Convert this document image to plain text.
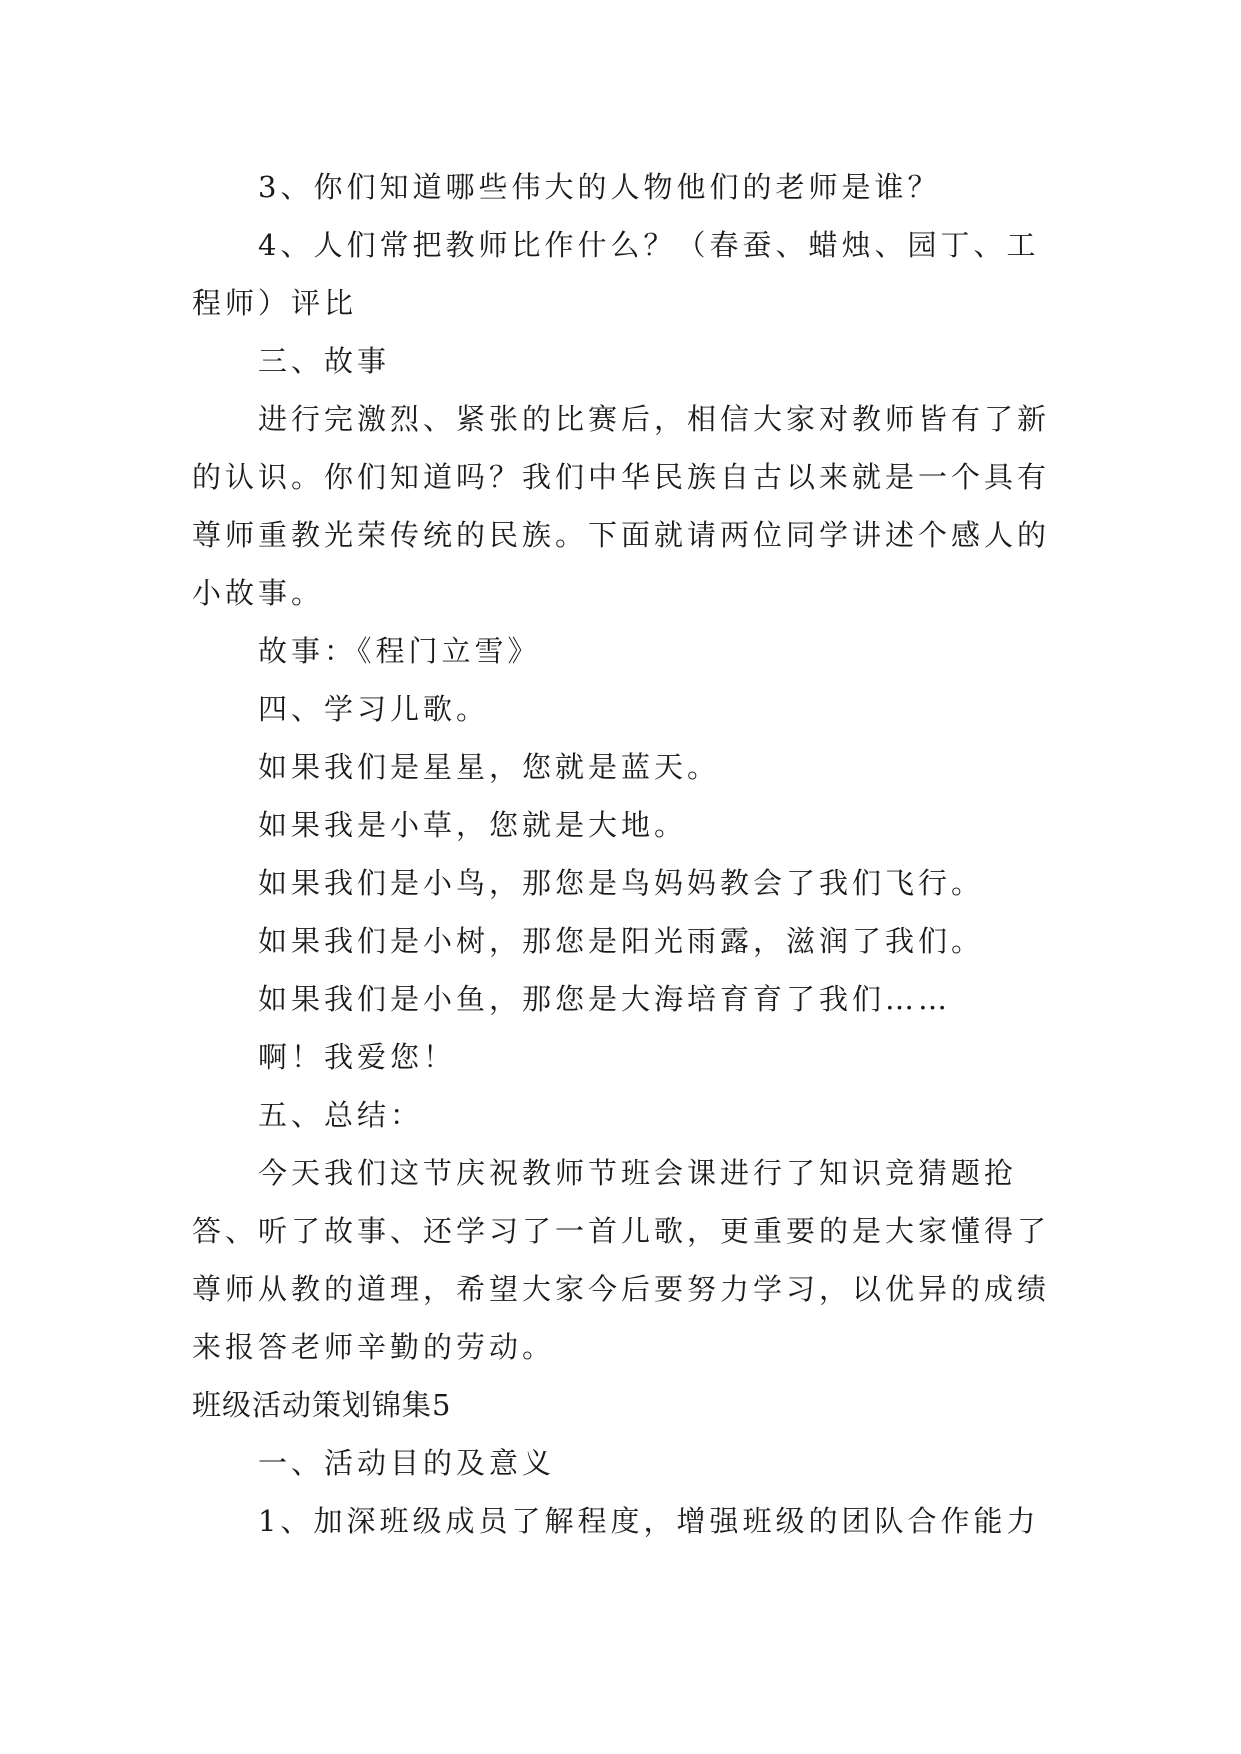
3、你们知道哪些伟大的人物他们的老师是谁？

4、人们常把教师比作什么？（春蚕、蜡烛、园丁、工程师）评比

三、故事

进行完激烈、紧张的比赛后，相信大家对教师皆有了新的认识。你们知道吗？我们中华民族自古以来就是一个具有尊师重教光荣传统的民族。下面就请两位同学讲述个感人的小故事。

故事：《程门立雪》

四、学习儿歌。

如果我们是星星，您就是蓝天。

如果我是小草，您就是大地。

如果我们是小鸟，那您是鸟妈妈教会了我们飞行。

如果我们是小树，那您是阳光雨露，滋润了我们。

如果我们是小鱼，那您是大海培育育了我们……

啊！我爱您！

五、总结：

今天我们这节庆祝教师节班会课进行了知识竞猜题抢答、听了故事、还学习了一首儿歌，更重要的是大家懂得了尊师从教的道理，希望大家今后要努力学习，以优异的成绩来报答老师辛勤的劳动。

班级活动策划锦集5

一、活动目的及意义

1、加深班级成员了解程度，增强班级的团队合作能力
